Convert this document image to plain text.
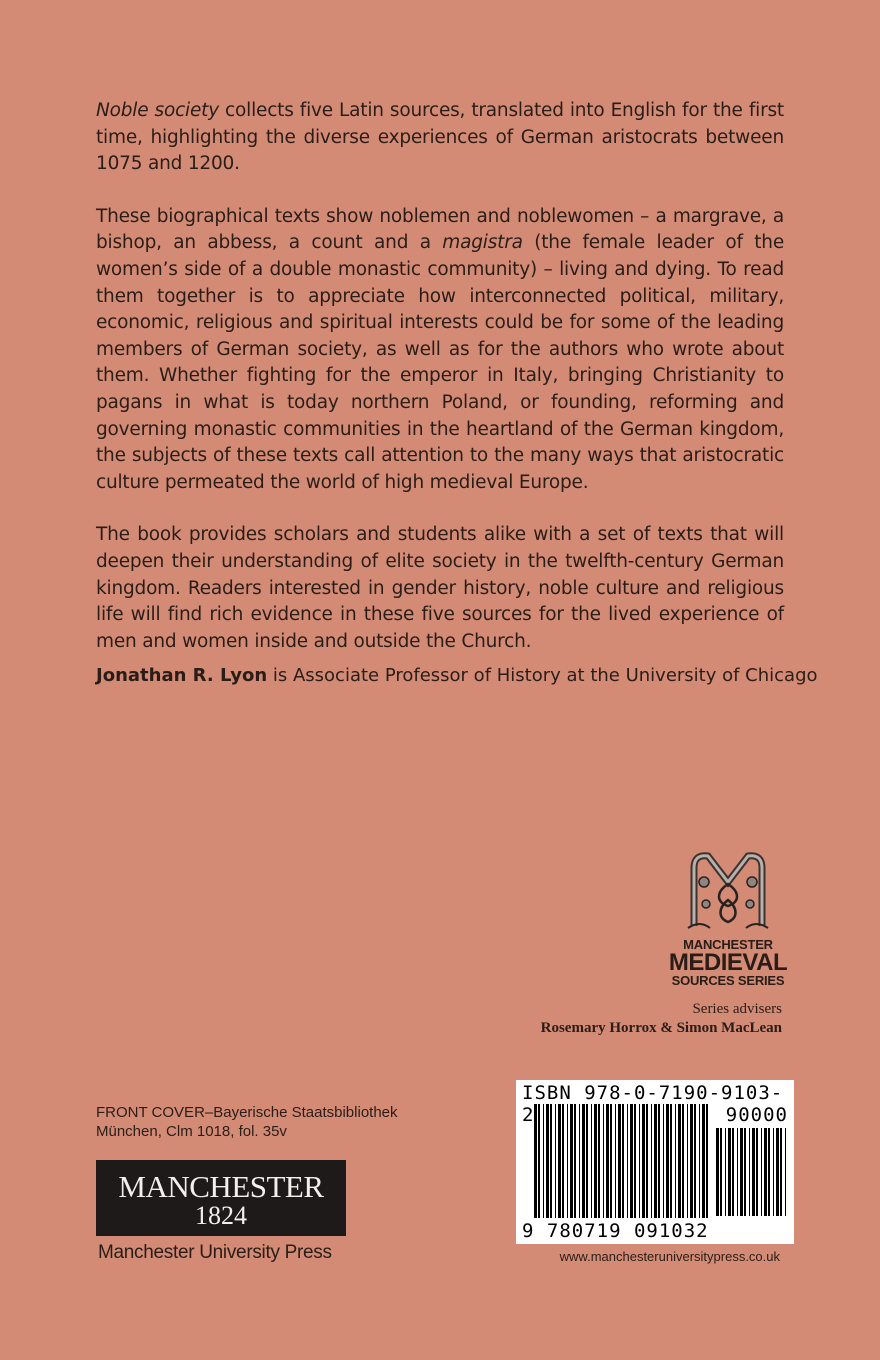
Noble society collects five Latin sources, translated into English for the first time, highlighting the diverse experiences of German aristocrats between 1075 and 1200.

These biographical texts show noblemen and noblewomen – a margrave, a bishop, an abbess, a count and a magistra (the female leader of the women’s side of a double monastic community) – living and dying. To read them together is to appreciate how interconnected political, military, economic, religious and spiritual interests could be for some of the leading members of German society, as well as for the authors who wrote about them. Whether fighting for the emperor in Italy, bringing Christianity to pagans in what is today northern Poland, or founding, reforming and governing monastic communities in the heartland of the German kingdom, the subjects of these texts call attention to the many ways that aristocratic culture permeated the world of high medieval Europe.

The book provides scholars and students alike with a set of texts that will deepen their understanding of elite society in the twelfth-century German kingdom. Readers interested in gender history, noble culture and religious life will find rich evidence in these five sources for the lived experience of men and women inside and outside the Church.

Jonathan R. Lyon is Associate Professor of History at the University of Chicago
MANCHESTER
MEDIEVAL
SOURCES SERIES
Series advisers
Rosemary Horrox & Simon MacLean
FRONT COVER–Bayerische Staatsbibliothek
München, Clm 1018, fol. 35v
MANCHESTER
1824
Manchester University Press
ISBN 978-0-7190-9103-2	90000
9 780719 091032
www.manchesteruniversitypress.co.uk
